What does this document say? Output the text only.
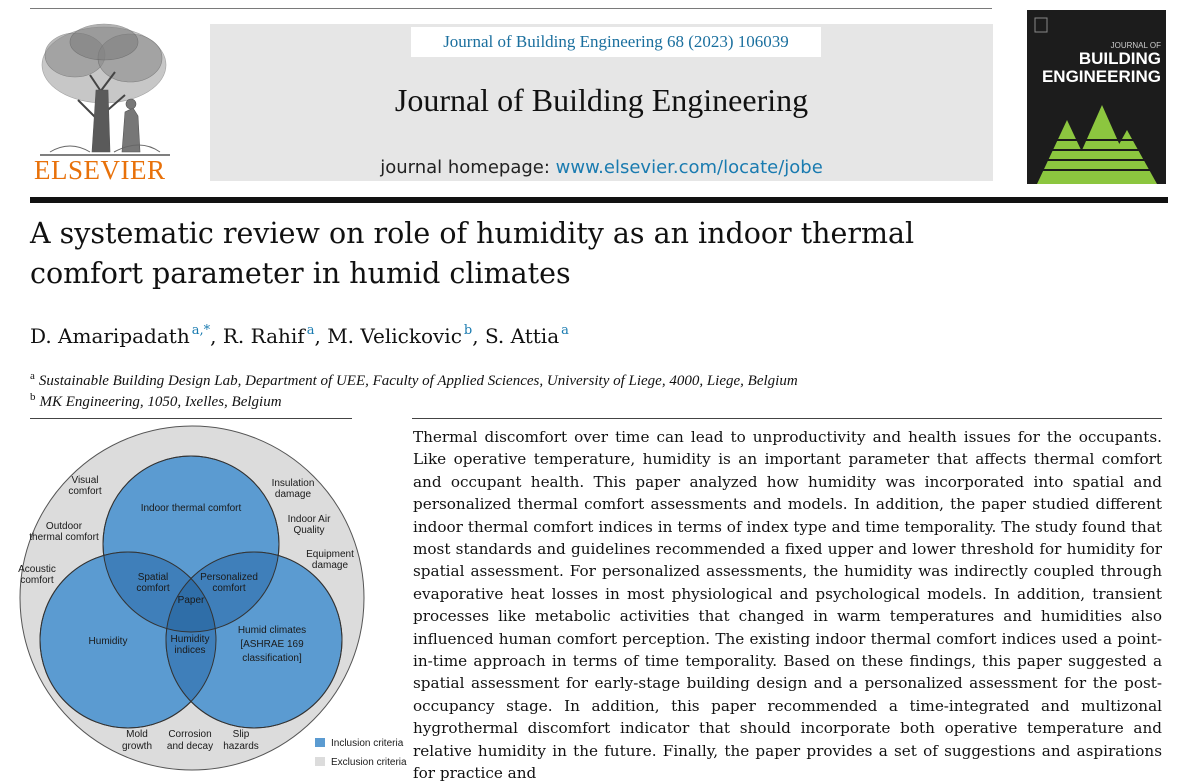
ELSEVIER
Journal of Building Engineering 68 (2023) 106039
Journal of Building Engineering
journal homepage: www.elsevier.com/locate/jobe
JOURNAL OF
BUILDING
ENGINEERING
A systematic review on role of humidity as an indoor thermal
comfort parameter in humid climates
D. Amaripadath $^{a,*}$, R. Rahif $^a$, M. Velickovic $^b$, S. Attia $^a$
$^a$ Sustainable Building Design Lab, Department of UEE, Faculty of Applied Sciences, University of Liege, 4000, Liege, Belgium
$^b$ MK Engineering, 1050, Ixelles, Belgium
Indoor thermal comfort
Humidity
Humid climates
[ASHRAE 169
classification]
Spatial
comfort
Personalized
comfort
Paper
Humidity
indices
Visual
comfort
Outdoor
thermal comfort
Acoustic
comfort
Insulation
damage
Indoor Air
Quality
Equipment
damage
Mold
growth
Corrosion
and decay
Slip
hazards	Inclusion criteria
Exclusion criteria
Thermal discomfort over time can lead to unproductivity and health issues for the occupants. Like operative temperature, humidity is an important parameter that affects thermal comfort and occupant health. This paper analyzed how humidity was incorporated into spatial and personalized thermal comfort assessments and models. In addition, the paper studied different indoor thermal comfort indices in terms of index type and time temporality. The study found that most standards and guidelines recommended a fixed upper and lower threshold for humidity for spatial assessment. For personalized assessments, the humidity was indirectly coupled through evaporative heat losses in most physiological and psychological models. In addition, transient processes like metabolic activities that changed in warm temperatures and humidities also influenced human comfort perception. The existing indoor thermal comfort indices used a point-in-time approach in terms of time temporality. Based on these findings, this paper suggested a spatial assessment for early-stage building design and a personalized assessment for the post-occupancy stage. In addition, this paper recommended a time-integrated and multizonal hygrothermal discomfort indicator that should incorporate both operative temperature and relative humidity in the future. Finally, the paper provides a set of suggestions and aspirations for practice and
